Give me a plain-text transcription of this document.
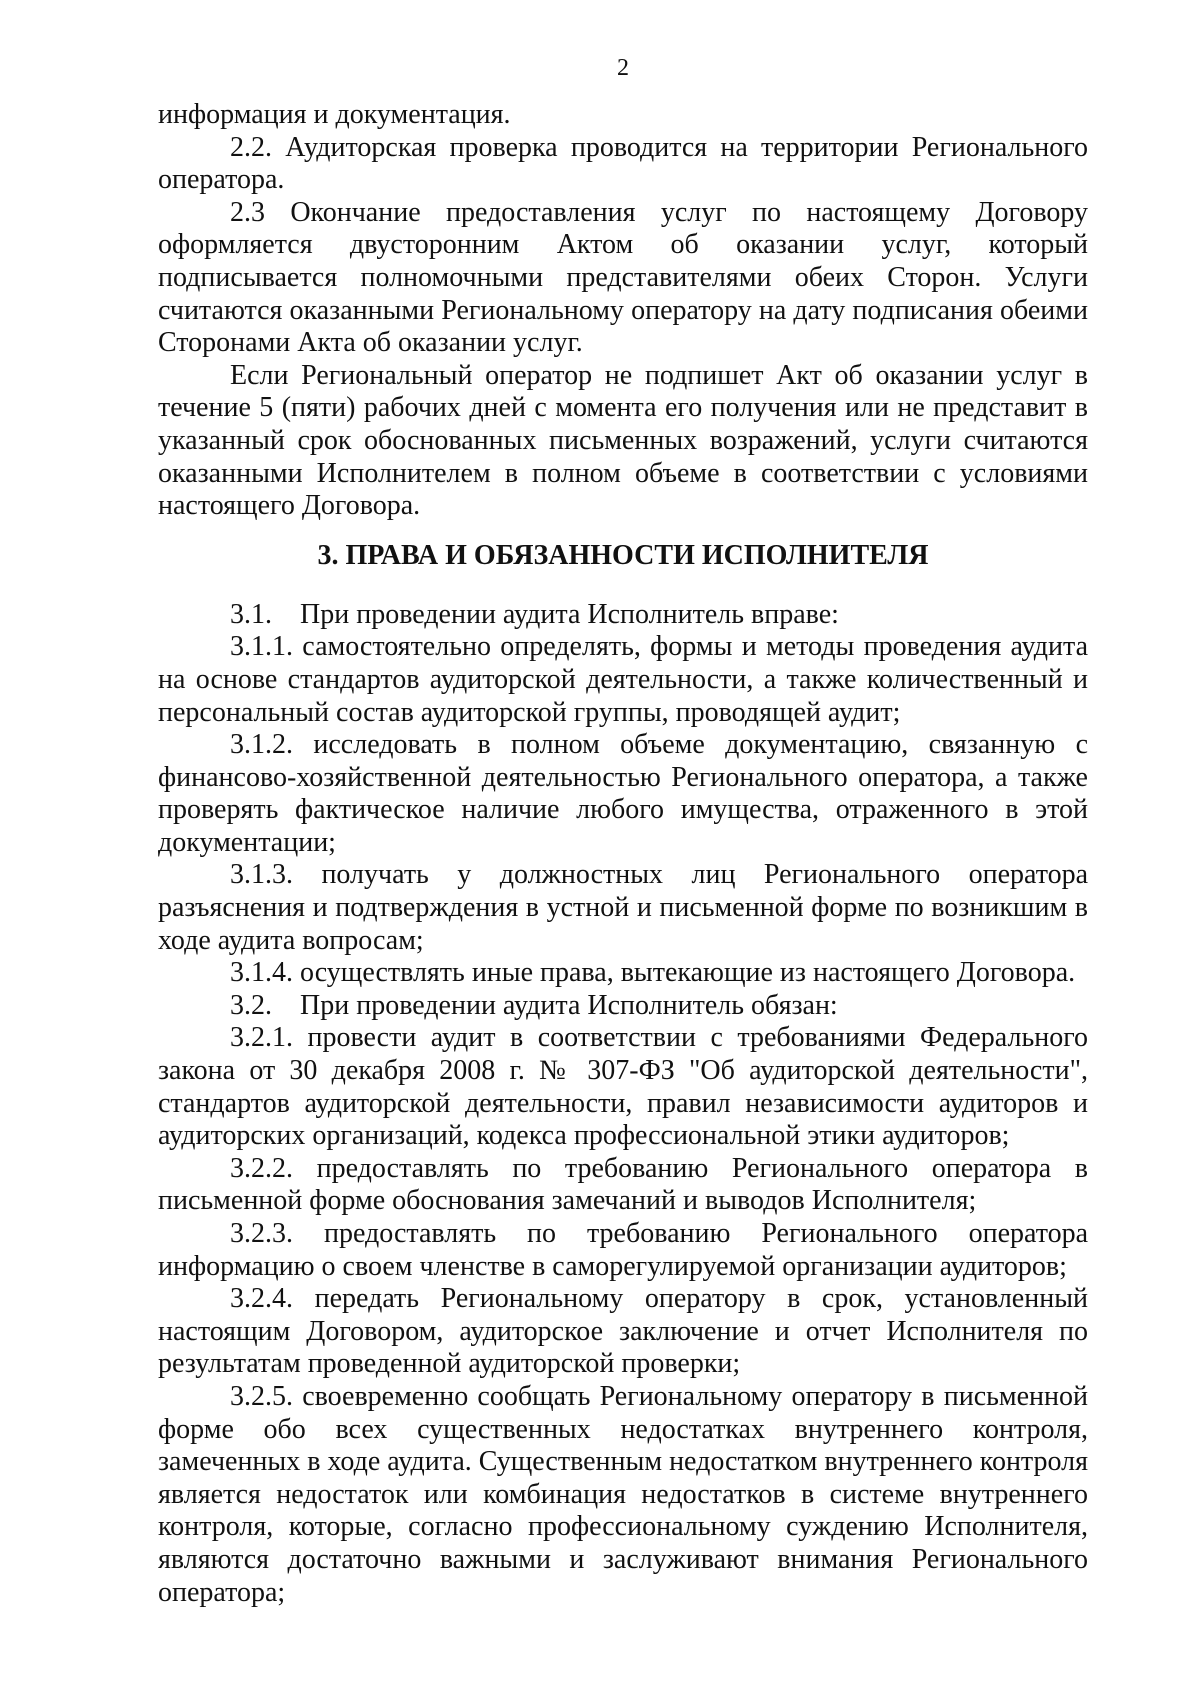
2

информация и документация.

2.2. Аудиторская проверка проводится на территории Регионального оператора.

2.3 Окончание предоставления услуг по настоящему Договору оформляется двусторонним Актом об оказании услуг, который подписывается полномочными представителями обеих Сторон. Услуги считаются оказанными Региональному оператору на дату подписания обеими Сторонами Акта об оказании услуг.

Если Региональный оператор не подпишет Акт об оказании услуг в течение 5 (пяти) рабочих дней с момента его получения или не представит в указанный срок обоснованных письменных возражений, услуги считаются оказанными Исполнителем в полном объеме в соответствии с условиями настоящего Договора.

3. ПРАВА И ОБЯЗАННОСТИ ИСПОЛНИТЕЛЯ

3.1.    При проведении аудита Исполнитель вправе:

3.1.1. самостоятельно определять, формы и методы проведения аудита на основе стандартов аудиторской деятельности, а также количественный и персональный состав аудиторской группы, проводящей аудит;

3.1.2. исследовать в полном объеме документацию, связанную с финансово-хозяйственной деятельностью Регионального оператора, а также проверять фактическое наличие любого имущества, отраженного в этой документации;

3.1.3. получать у должностных лиц Регионального оператора разъяснения и подтверждения в устной и письменной форме по возникшим в ходе аудита вопросам;

3.1.4. осуществлять иные права, вытекающие из настоящего Договора.

3.2.    При проведении аудита Исполнитель обязан:

3.2.1. провести аудит в соответствии с требованиями Федерального закона от 30 декабря 2008 г. № 307-ФЗ "Об аудиторской деятельности", стандартов аудиторской деятельности, правил независимости аудиторов и аудиторских организаций, кодекса профессиональной этики аудиторов;

3.2.2. предоставлять по требованию Регионального оператора в письменной форме обоснования замечаний и выводов Исполнителя;

3.2.3. предоставлять по требованию Регионального оператора информацию о своем членстве в саморегулируемой организации аудиторов;

3.2.4. передать Региональному оператору в срок, установленный настоящим Договором, аудиторское заключение и отчет Исполнителя по результатам проведенной аудиторской проверки;

3.2.5. своевременно сообщать Региональному оператору в письменной форме обо всех существенных недостатках внутреннего контроля, замеченных в ходе аудита. Существенным недостатком внутреннего контроля является недостаток или комбинация недостатков в системе внутреннего контроля, которые, согласно профессиональному суждению Исполнителя, являются достаточно важными и заслуживают внимания Регионального оператора;
